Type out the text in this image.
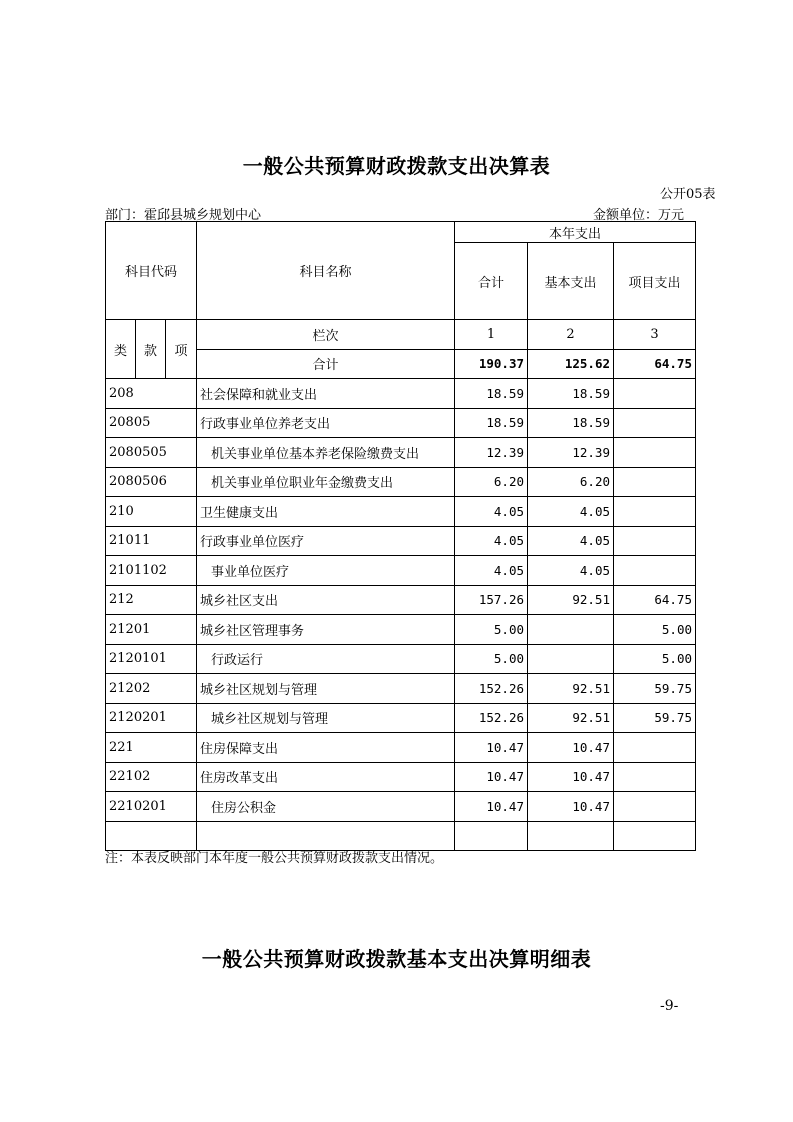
一般公共预算财政拨款支出决算表
公开05表
部门：霍邱县城乡规划中心	金额单位：万元
科目代码			科目名称	本年支出		
				合计	基本支出	项目支出
类	款	项	栏次	1	2	3
			合计	190.37	125.62	64.75
208			社会保障和就业支出	18.59	18.59	
20805			行政事业单位养老支出	18.59	18.59	
2080505			机关事业单位基本养老保险缴费支出	12.39	12.39	
2080506			机关事业单位职业年金缴费支出	6.20	6.20	
210			卫生健康支出	4.05	4.05	
21011			行政事业单位医疗	4.05	4.05	
2101102			事业单位医疗	4.05	4.05	
212			城乡社区支出	157.26	92.51	64.75
21201			城乡社区管理事务	5.00		5.00
2120101			行政运行	5.00		5.00
21202			城乡社区规划与管理	152.26	92.51	59.75
2120201			城乡社区规划与管理	152.26	92.51	59.75
221			住房保障支出	10.47	10.47	
22102			住房改革支出	10.47	10.47	
2210201			住房公积金	10.47	10.47	

注：本表反映部门本年度一般公共预算财政拨款支出情况。
一般公共预算财政拨款基本支出决算明细表
-9-
